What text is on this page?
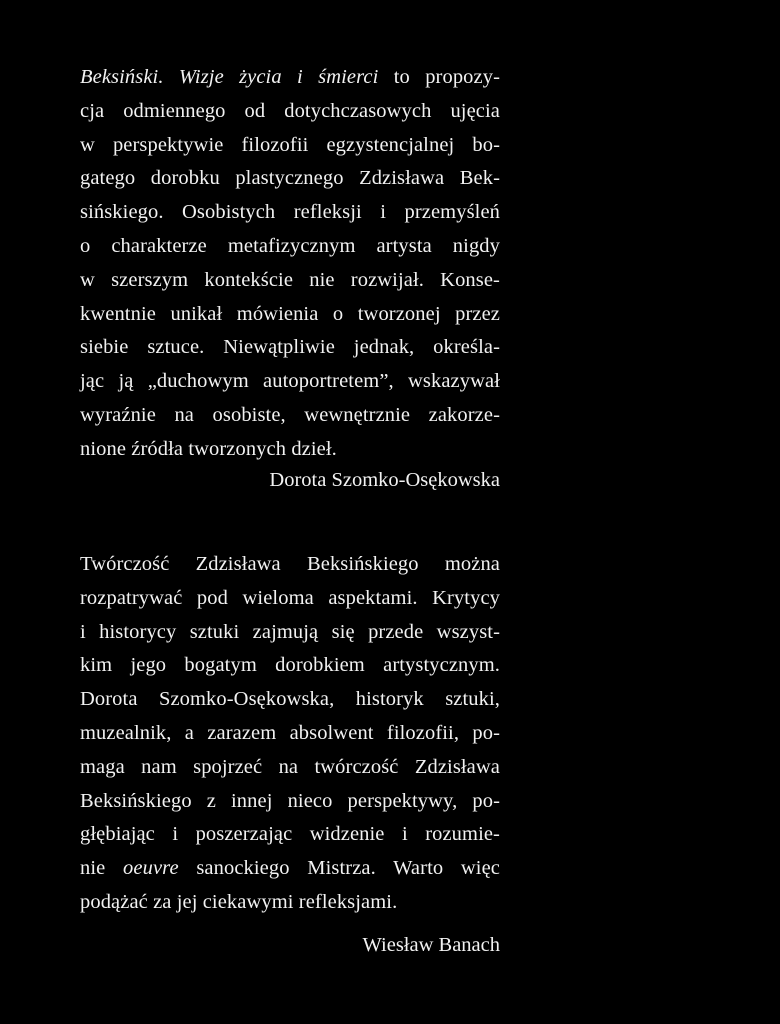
Beksiński. Wizje życia i śmierci to propozy-
cja odmiennego od dotychczasowych ujęcia
w perspektywie filozofii egzystencjalnej bo-
gatego dorobku plastycznego Zdzisława Bek-
sińskiego. Osobistych refleksji i przemyśleń
o charakterze metafizycznym artysta nigdy
w szerszym kontekście nie rozwijał. Konse-
kwentnie unikał mówienia o tworzonej przez
siebie sztuce. Niewątpliwie jednak, określa-
jąc ją „duchowym autoportretem”, wskazywał
wyraźnie na osobiste, wewnętrznie zakorze-
nione źródła tworzonych dzieł.
Dorota Szomko-Osękowska
Twórczość Zdzisława Beksińskiego można
rozpatrywać pod wieloma aspektami. Krytycy
i historycy sztuki zajmują się przede wszyst-
kim jego bogatym dorobkiem artystycznym.
Dorota Szomko-Osękowska, historyk sztuki,
muzealnik, a zarazem absolwent filozofii, po-
maga nam spojrzeć na twórczość Zdzisława
Beksińskiego z innej nieco perspektywy, po-
głębiając i poszerzając widzenie i rozumie-
nie oeuvre sanockiego Mistrza. Warto więc
podążać za jej ciekawymi refleksjami.
Wiesław Banach
